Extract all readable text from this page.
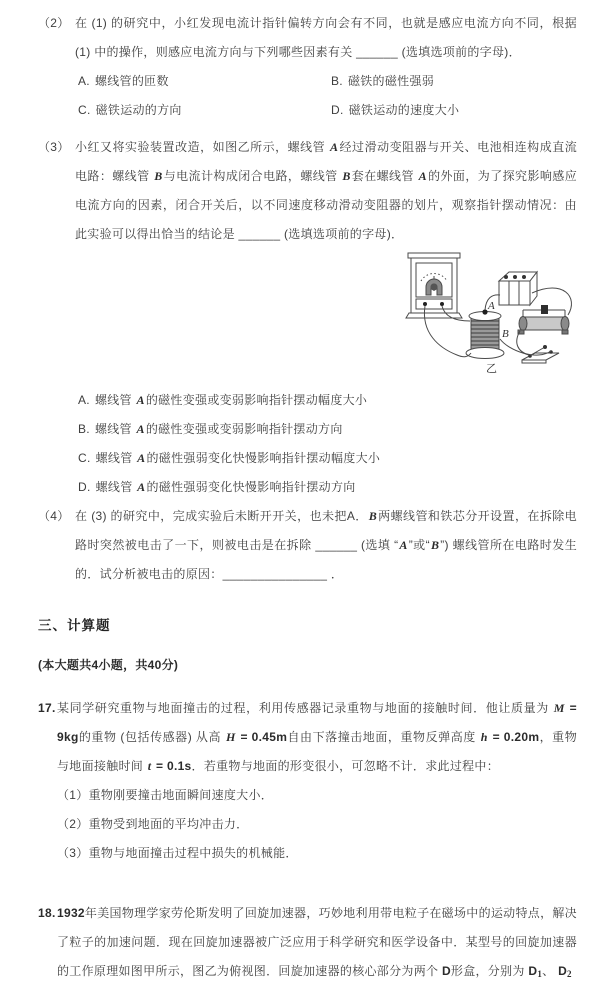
（2） 在 (1) 的研究中，小红发现电流计指针偏转方向会有不同，也就是感应电流方向不同，根据 (1) 中的操作，则感应电流方向与下列哪些因素有关 ______ (选填选项前的字母)．
A. 螺线管的匝数	B. 磁铁的磁性强弱
C. 磁铁运动的方向	D. 磁铁运动的速度大小
（3） 小红又将实验装置改造，如图乙所示，螺线管 A经过滑动变阻器与开关、电池相连构成直流电路：螺线管 B与电流计构成闭合电路，螺线管 B套在螺线管 A的外面，为了探究影响感应电流方向的因素，闭合开关后，以不同速度移动滑动变阻器的划片，观察指针摆动情况：由此实验可以得出恰当的结论是 ______ (选填选项前的字母)．
A
B
乙
A. 螺线管 A的磁性变强或变弱影响指针摆动幅度大小
B. 螺线管 A的磁性变强或变弱影响指针摆动方向
C. 螺线管 A的磁性强弱变化快慢影响指针摆动幅度大小
D. 螺线管 A的磁性强弱变化快慢影响指针摆动方向
（4） 在 (3) 的研究中，完成实验后未断开开关，也未把A．B两螺线管和铁芯分开设置，在拆除电路时突然被电击了一下，则被电击是在拆除 ______ (选填 “A”或“B”) 螺线管所在电路时发生的．试分析被电击的原因：_______________ ．
三、计算题
(本大题共4小题，共40分)
17. 某同学研究重物与地面撞击的过程，利用传感器记录重物与地面的接触时间．他让质量为 M = 9kg的重物 (包括传感器) 从高 H = 0.45m自由下落撞击地面，重物反弹高度 h = 0.20m，重物与地面接触时间 t = 0.1s．若重物与地面的形变很小，可忽略不计．求此过程中：
（1）重物刚要撞击地面瞬间速度大小．
（2）重物受到地面的平均冲击力．
（3）重物与地面撞击过程中损失的机械能．
18. 1932年美国物理学家劳伦斯发明了回旋加速器，巧妙地利用带电粒子在磁场中的运动特点，解决了粒子的加速问题．现在回旋加速器被广泛应用于科学研究和医学设备中．某型号的回旋加速器的工作原理如图甲所示，图乙为俯视图．回旋加速器的核心部分为两个 D形盒，分别为 D1、 D2
